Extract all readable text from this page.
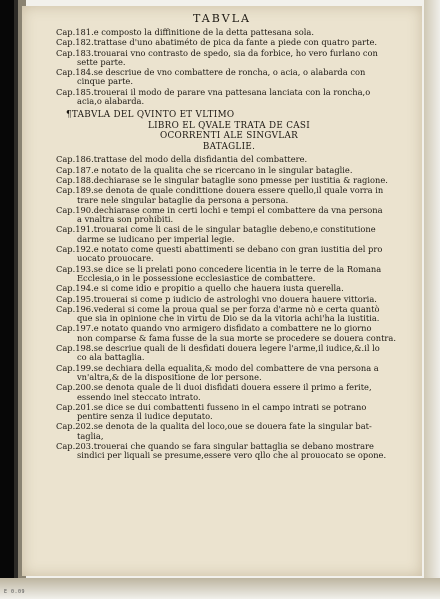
E 0.09
TABVLA
Cap.181.e composto la diffinitione de la detta pattesana sola.
Cap.182.trattase d'uno abatiméto de pica da fante a piede con quatro parte.
Cap.183.trouarai vno contrasto de spedo, sia da forbice, ho vero furlano con
sette parte.
Cap.184.se descriue de vno combattere de roncha, o acia, o alabarda con
cinque parte.
Cap.185.trouerai il modo de parare vna pattesana lanciata con la roncha,o
acia,o alabarda.
¶TABVLA DEL QVINTO ET VLTIMO
LIBRO EL QVALE TRATA DE CASI
OCORRENTI ALE SINGVLAR
BATAGLIE.
Cap.186.trattase del modo della disfidantia del combattere.
Cap.187.e notato de la qualita che se ricercano in le singular bataglie.
Cap.188.dechiarase se le singular bataglie sono pmesse per iustitia & ragione.
Cap.189.se denota de quale condittione douera essere quello,il quale vorra in
trare nele singular bataglie da persona a persona.
Cap.190.dechiarase come in certi lochi e tempi el combattere da vna persona
a vnaltra son prohibiti.
Cap.191.trouarai come li casi de le singular bataglie debeno,e constitutione
darme se iudicano per imperial legie.
Cap.192.e notato come questi abattimenti se debano con gran iustitia del pro
uocato prouocare.
Cap.193.se dice se li prelati pono concedere licentia in le terre de la Romana
Ecclesia,o in le possessione ecclesiastice de combattere.
Cap.194.e si come idio e propitio a quello che hauera iusta querella.
Cap.195.trouerai si come p iudicio de astrologhi vno douera hauere vittoria.
Cap.196.vederai si come la proua qual se per forza d'arme nò e certa quantò
que sia in opinione che in virtu de Dio se da la vitoria achi'ha la iustitia.
Cap.197.e notato quando vno armigero disfidato a combattere ne lo giorno
non comparse & fama fusse de la sua morte se procedere se douera contra.
Cap.198.se descriue quali de li desfidati douera legere l'arme,il iudice,&.il lo
co ala battaglia.
Cap.199.se dechiara della equalita,& modo del combattere de vna persona a
vn'altra,& de la dispositione de lor persone.
Cap.200.se denota quale de li duoi disfidati douera essere il primo a ferite,
essendo inel steccato intrato.
Cap.201.se dice se dui combattenti fusseno in el campo intrati se potrano
pentire senza il iudice deputato.
Cap.202.se denota de la qualita del loco,oue se douera fate la singular bat-
taglia,
Cap.203.trouerai che quando se fara singular battaglia se debano mostrare
sindici per liquali se presume,essere vero qllo che al prouocato se opone.
